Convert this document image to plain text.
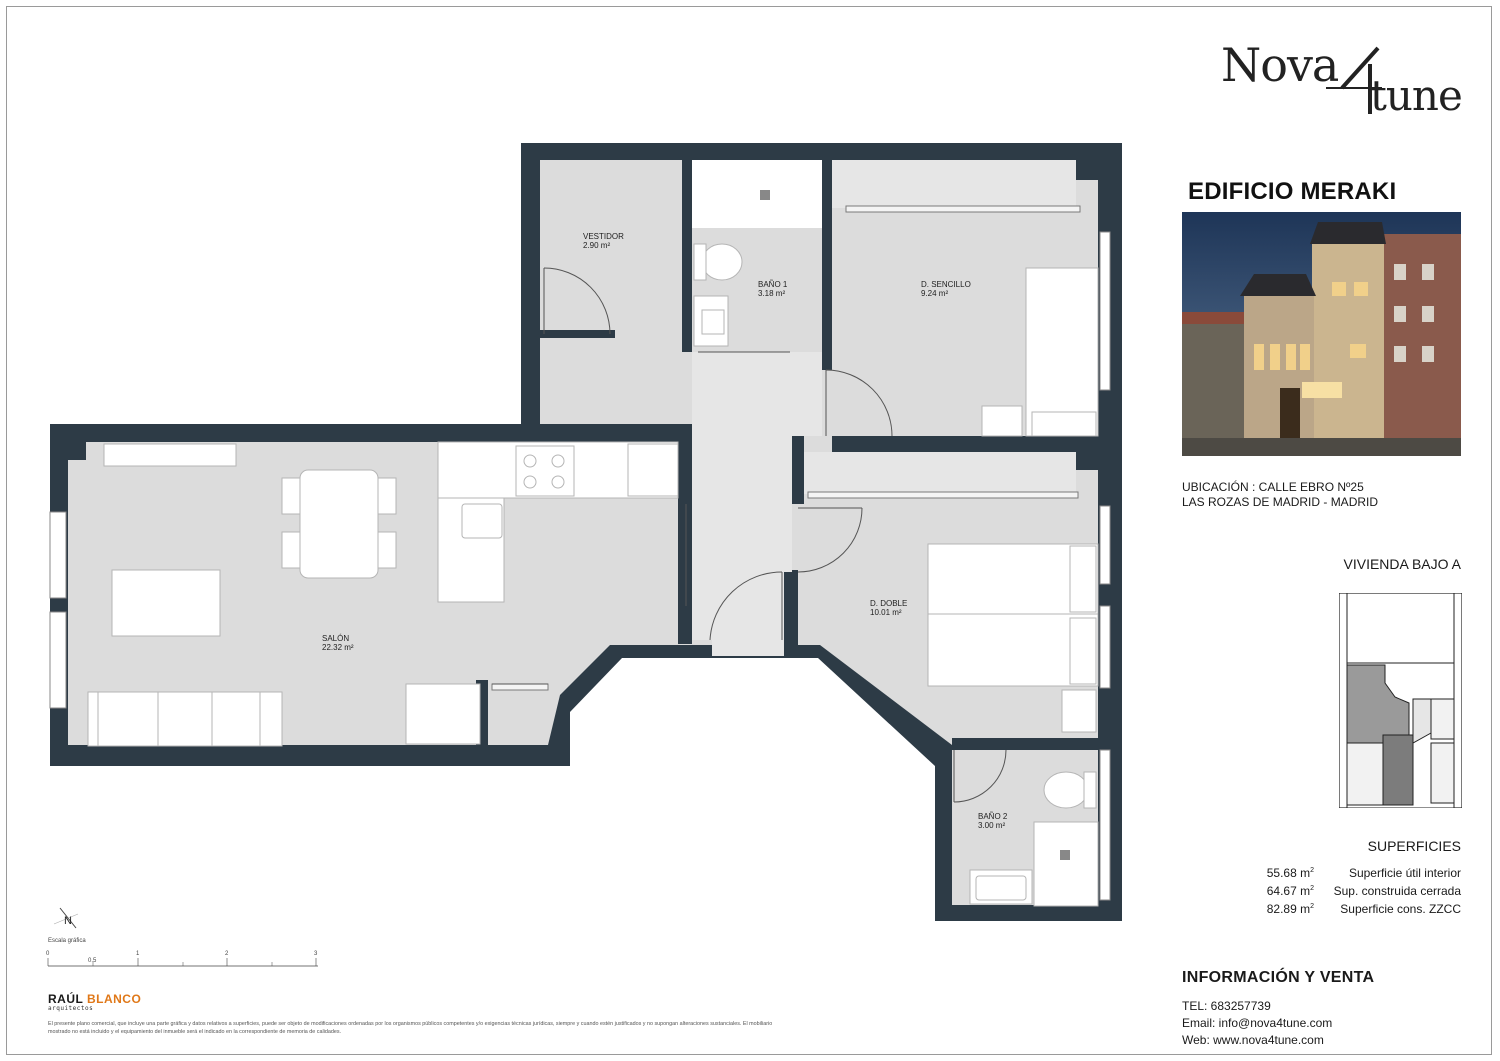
VESTIDOR
2.90 m²
BAÑO 1
3.18 m²
D. SENCILLO
9.24 m²
D. DOBLE
10.01 m²
SALÓN
22.32 m²
BAÑO 2
3.00 m²
Nova
tune
EDIFICIO MERAKI
UBICACIÓN : CALLE EBRO Nº25
LAS ROZAS DE MADRID - MADRID
VIVIENDA BAJO A
SUPERFICIES
55.68 $m^2$	Superficie útil interior
64.67 $m^2$ Sup. construida cerrada
82.89 $m^2$ Superficie cons. ZZCC
INFORMACIÓN Y VENTA
TEL: 683257739
Email: info@nova4tune.com
Web: www.nova4tune.com
N
Escala gráfica
0
0.5
1	2	3
RAÚL BLANCO
arquitectos
El presente plano comercial, que incluye una parte gráfica y datos relativos a superficies, puede ser objeto de modificaciones ordenadas por los organismos públicos competentes y/o exigencias técnicas jurídicas, siempre y cuando estén justificados y no supongan alteraciones sustanciales. El mobiliario mostrado no está incluido y el equipamiento del inmueble será el indicado en la correspondiente de memoria de calidades.
